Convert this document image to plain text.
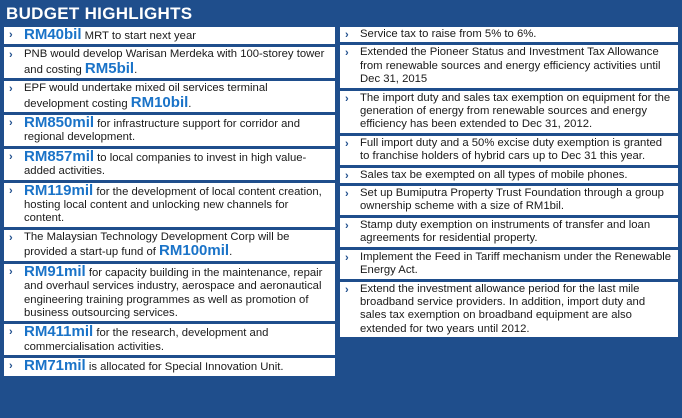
BUDGET HIGHLIGHTS
› RM40bil MRT to start next year
› PNB would develop Warisan Merdeka with 100-storey tower and costing RM5bil.
› EPF would undertake mixed oil services terminal development costing RM10bil.
› RM850mil for infrastructure support for corridor and regional development.
› RM857mil to local companies to invest in high value-added activities.
› RM119mil for the development of local content creation, hosting local content and unlocking new channels for content.
› The Malaysian Technology Development Corp will be provided a start-up fund of RM100mil.
› RM91mil for capacity building in the maintenance, repair and overhaul services industry, aerospace and aeronautical engineering training programmes as well as promotion of business outsourcing services.
› RM411mil for the research, development and commercialisation activities.
› RM71mil is allocated for Special Innovation Unit.
› Service tax to raise from 5% to 6%.
› Extended the Pioneer Status and Investment Tax Allowance from renewable sources and energy efficiency activities until Dec 31, 2015
› The import duty and sales tax exemption on equipment for the generation of energy from renewable sources and energy efficiency has been extended to Dec 31, 2012.
› Full import duty and a 50% excise duty exemption is granted to franchise holders of hybrid cars up to Dec 31 this year.
› Sales tax be exempted on all types of mobile phones.
› Set up Bumiputra Property Trust Foundation through a group ownership scheme with a size of RM1bil.
› Stamp duty exemption on instruments of transfer and loan agreements for residential property.
› Implement the Feed in Tariff mechanism under the Renewable Energy Act.
› Extend the investment allowance period for the last mile broadband service providers. In addition, import duty and sales tax exemption on broadband equipment are also extended for two years until 2012.
